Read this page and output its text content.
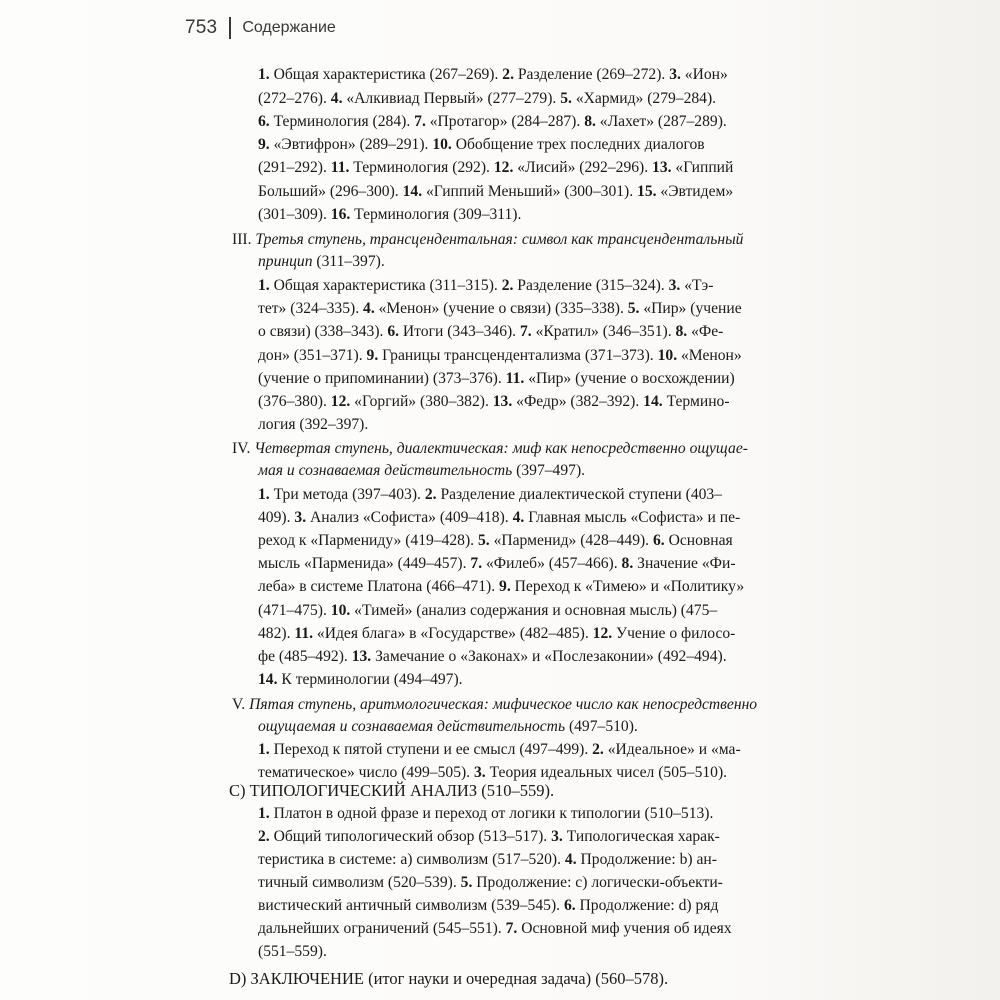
753 Содержание
1. Общая характеристика (267–269). 2. Разделение (269–272). 3. «Ион»
(272–276). 4. «Алкивиад Первый» (277–279). 5. «Хармид» (279–284).
6. Терминология (284). 7. «Протагор» (284–287). 8. «Лахет» (287–289).
9. «Эвтифрон» (289–291). 10. Обобщение трех последних диалогов
(291–292). 11. Терминология (292). 12. «Лисий» (292–296). 13. «Гиппий
Больший» (296–300). 14. «Гиппий Меньший» (300–301). 15. «Эвтидем»
(301–309). 16. Терминология (309–311).
III. Третья ступень, трансцендентальная: символ как трансцендентальный
принцип (311–397).
1. Общая характеристика (311–315). 2. Разделение (315–324). 3. «Тэ-
тет» (324–335). 4. «Менон» (учение о связи) (335–338). 5. «Пир» (учение
о связи) (338–343). 6. Итоги (343–346). 7. «Кратил» (346–351). 8. «Фе-
дон» (351–371). 9. Границы трансцендентализма (371–373). 10. «Менон»
(учение о припоминании) (373–376). 11. «Пир» (учение о восхождении)
(376–380). 12. «Горгий» (380–382). 13. «Федр» (382–392). 14. Термино-
логия (392–397).
IV. Четвертая ступень, диалектическая: миф как непосредственно ощущае-
мая и сознаваемая действительность (397–497).
1. Три метода (397–403). 2. Разделение диалектической ступени (403–
409). 3. Анализ «Софиста» (409–418). 4. Главная мысль «Софиста» и пе-
реход к «Пармениду» (419–428). 5. «Парменид» (428–449). 6. Основная
мысль «Парменида» (449–457). 7. «Филеб» (457–466). 8. Значение «Фи-
леба» в системе Платона (466–471). 9. Переход к «Тимею» и «Политику»
(471–475). 10. «Тимей» (анализ содержания и основная мысль) (475–
482). 11. «Идея блага» в «Государстве» (482–485). 12. Учение о филосо-
фе (485–492). 13. Замечание о «Законах» и «Послезаконии» (492–494).
14. К терминологии (494–497).
V. Пятая ступень, аритмологическая: мифическое число как непосредственно
ощущаемая и сознаваемая действительность (497–510).
1. Переход к пятой ступени и ее смысл (497–499). 2. «Идеальное» и «ма-
тематическое» число (499–505). 3. Теория идеальных чисел (505–510).
С) ТИПОЛОГИЧЕСКИЙ АНАЛИЗ (510–559).
1. Платон в одной фразе и переход от логики к типологии (510–513).
2. Общий типологический обзор (513–517). 3. Типологическая харак-
теристика в системе: a) символизм (517–520). 4. Продолжение: b) ан-
тичный символизм (520–539). 5. Продолжение: c) логически-объекти-
вистический античный символизм (539–545). 6. Продолжение: d) ряд
дальнейших ограничений (545–551). 7. Основной миф учения об идеях
(551–559).
D) ЗАКЛЮЧЕНИЕ (итог науки и очередная задача) (560–578).
